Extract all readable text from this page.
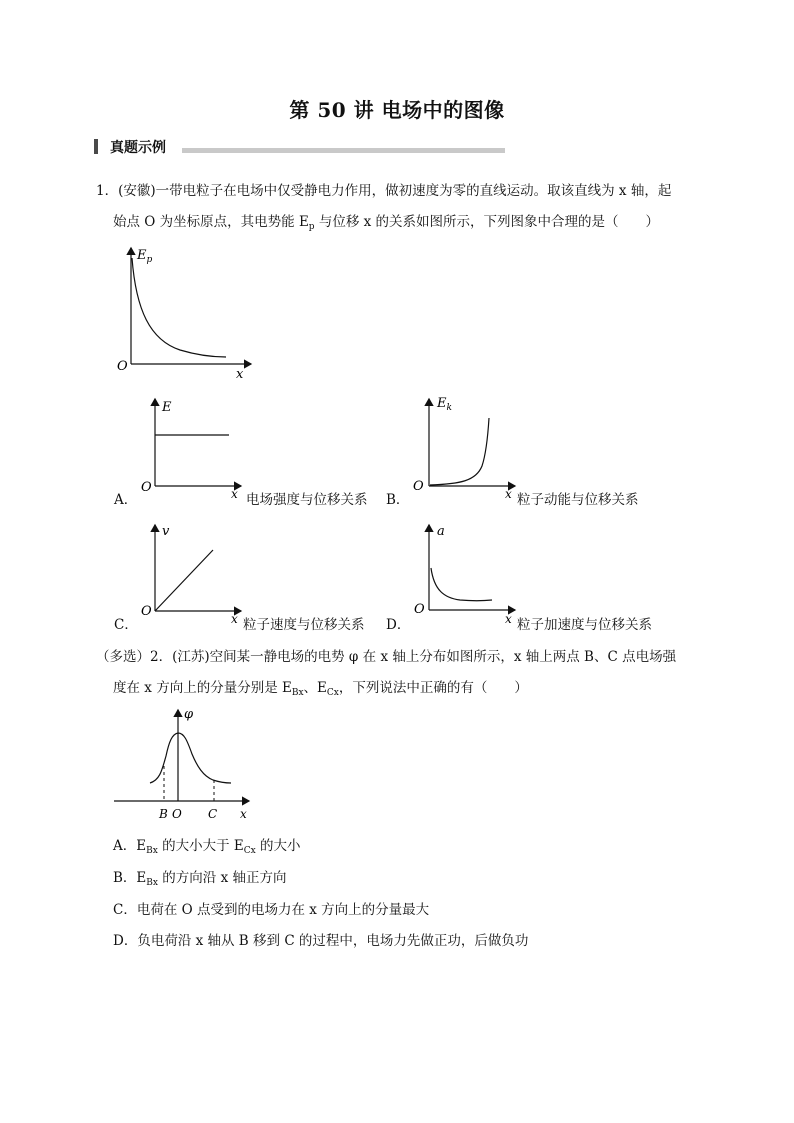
第 50 讲 电场中的图像
真题示例
1．(安徽)一带电粒子在电场中仅受静电力作用，做初速度为零的直线运动。取该直线为 x 轴，起
始点 O 为坐标原点，其电势能 $E_p$ 与位移 x 的关系如图所示，下列图象中合理的是（　　）
$E_p$
O
x
E
O	x
A．	电场强度与位移关系
$E_k$
O	x
B．	粒子动能与位移关系
v
O	x
C．	粒子速度与位移关系
a
O
x
D．	粒子加速度与位移关系
（多选）2．(江苏)空间某一静电场的电势 φ 在 x 轴上分布如图所示，x 轴上两点 B、C 点电场强
度在 x 方向上的分量分别是 $E_{Bx}$、$E_{Cx}$，下列说法中正确的有（　　）
φ
B O C x
A．$E_{Bx}$ 的大小大于 $E_{Cx}$ 的大小
B．$E_{Bx}$ 的方向沿 x 轴正方向
C．电荷在 O 点受到的电场力在 x 方向上的分量最大
D．负电荷沿 x 轴从 B 移到 C 的过程中，电场力先做正功，后做负功
